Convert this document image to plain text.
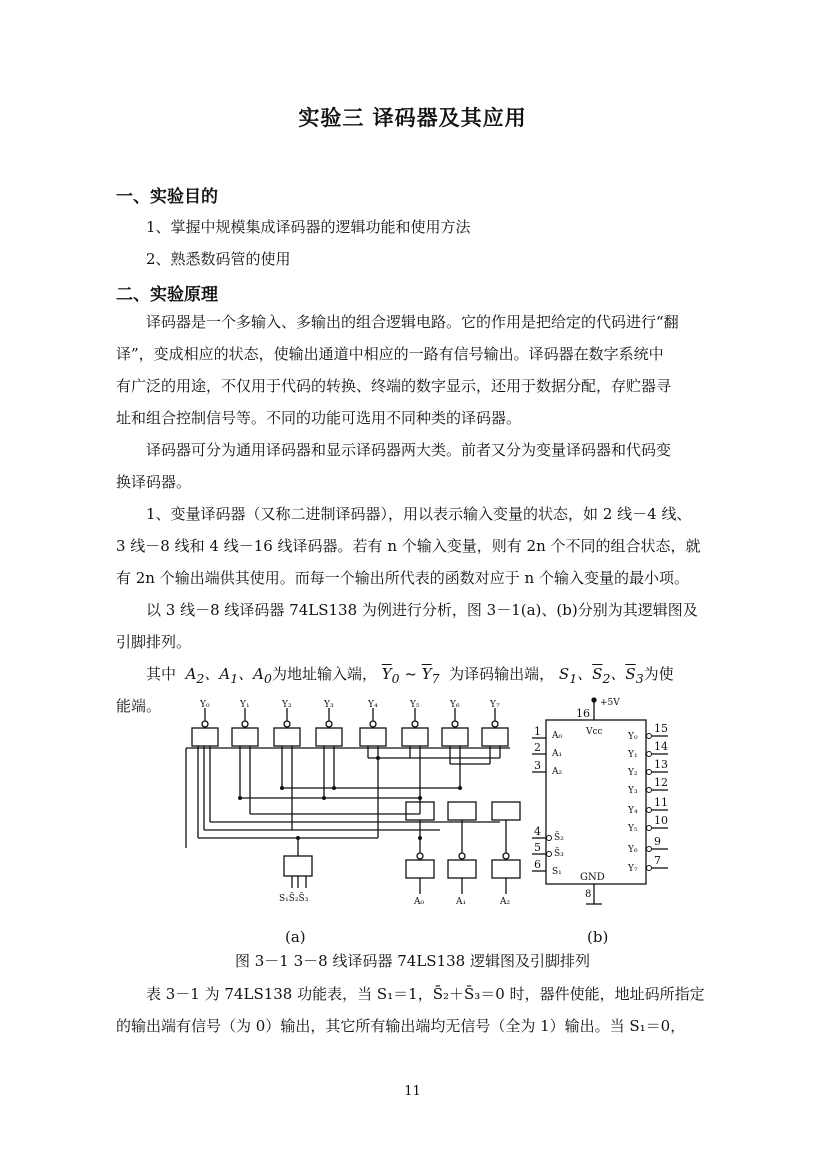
实验三 译码器及其应用
一、实验目的
1、掌握中规模集成译码器的逻辑功能和使用方法
2、熟悉数码管的使用
二、实验原理
译码器是一个多输入、多输出的组合逻辑电路。它的作用是把给定的代码进行“翻
译”，变成相应的状态，使输出通道中相应的一路有信号输出。译码器在数字系统中
有广泛的用途，不仅用于代码的转换、终端的数字显示，还用于数据分配，存贮器寻
址和组合控制信号等。不同的功能可选用不同种类的译码器。
译码器可分为通用译码器和显示译码器两大类。前者又分为变量译码器和代码变
换译码器。
1、变量译码器（又称二进制译码器），用以表示输入变量的状态，如 2 线－4 线、
3 线－8 线和 4 线－16 线译码器。若有 n 个输入变量，则有 2n 个不同的组合状态，就
有 2n 个输出端供其使用。而每一个输出所代表的函数对应于 n 个输入变量的最小项。
以 3 线－8 线译码器 74LS138 为例进行分析，图 3－1(a)、(b)分别为其逻辑图及
引脚排列。
其中  $A_2$、$A_1$、$A_0$为地址输入端， $\overline{Y}_0$ ~ $\overline{Y}_7$ 为译码输出端， $S_1$、$\overline{S}_2$、$\overline{S}_3$为使
能端。	Y₀	Y₁	Y₂	Y₃	Y₄	Y₅	Y₆	Y₇
S₁S̄₂S̄₃	A₀	A₁	A₂
+5V
16
Vcc
GND
8
1 A₀
2 A₁
3 A₂
4 S̄₂
5 S̄₃
6
S₁
15
Y₀
14
Y₁
13
Y₂
12
Y₃
11
Y₄
10
Y₅
9
Y₆
7
Y₇
(a)	(b)
图 3－1 3－8 线译码器 74LS138 逻辑图及引脚排列
表 3－1 为 74LS138 功能表，当 S₁＝1，S̄₂＋S̄₃＝0 时，器件使能，地址码所指定
的输出端有信号（为 0）输出，其它所有输出端均无信号（全为 1）输出。当 S₁＝0，
11
